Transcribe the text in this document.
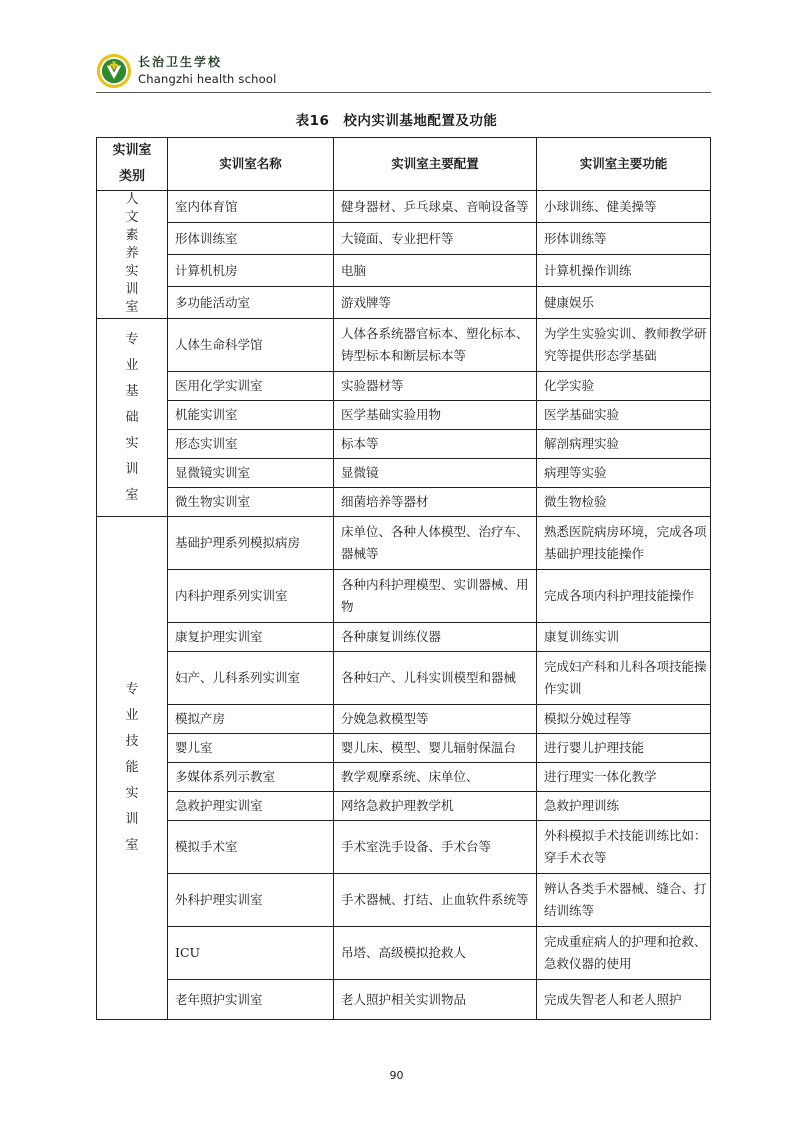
长治卫生学校
Changzhi health school
表16　校内实训基地配置及功能
实训室类别	实训室名称	实训室主要配置	实训室主要功能
人文素养实训室	室内体育馆	健身器材、乒乓球桌、音响设备等	小球训练、健美操等
	形体训练室	大镜面、专业把杆等	形体训练等
	计算机机房	电脑	计算机操作训练
	多功能活动室	游戏牌等	健康娱乐
专业基础实训室	人体生命科学馆	人体各系统器官标本、塑化标本、铸型标本和断层标本等	为学生实验实训、教师教学研究等提供形态学基础
	医用化学实训室	实验器材等	化学实验
	机能实训室	医学基础实验用物	医学基础实验
	形态实训室	标本等	解剖病理实验
	显微镜实训室	显微镜	病理等实验
	微生物实训室	细菌培养等器材	微生物检验
专业技能实训室	基础护理系列模拟病房	床单位、各种人体模型、治疗车、器械等	熟悉医院病房环境，完成各项基础护理技能操作
	内科护理系列实训室	各种内科护理模型、实训器械、用物	完成各项内科护理技能操作
	康复护理实训室	各种康复训练仪器	康复训练实训
	妇产、儿科系列实训室	各种妇产、儿科实训模型和器械	完成妇产科和儿科各项技能操作实训
	模拟产房	分娩急救模型等	模拟分娩过程等
	婴儿室	婴儿床、模型、婴儿辐射保温台	进行婴儿护理技能
	多媒体系列示教室	教学观摩系统、床单位、	进行理实一体化教学
	急救护理实训室	网络急救护理教学机	急救护理训练
	模拟手术室	手术室洗手设备、手术台等	外科模拟手术技能训练比如：穿手术衣等
	外科护理实训室	手术器械、打结、止血软件系统等	辨认各类手术器械、缝合、打结训练等
	ICU	吊塔、高级模拟抢救人	完成重症病人的护理和抢救、急救仪器的使用
	老年照护实训室	老人照护相关实训物品	完成失智老人和老人照护
90
